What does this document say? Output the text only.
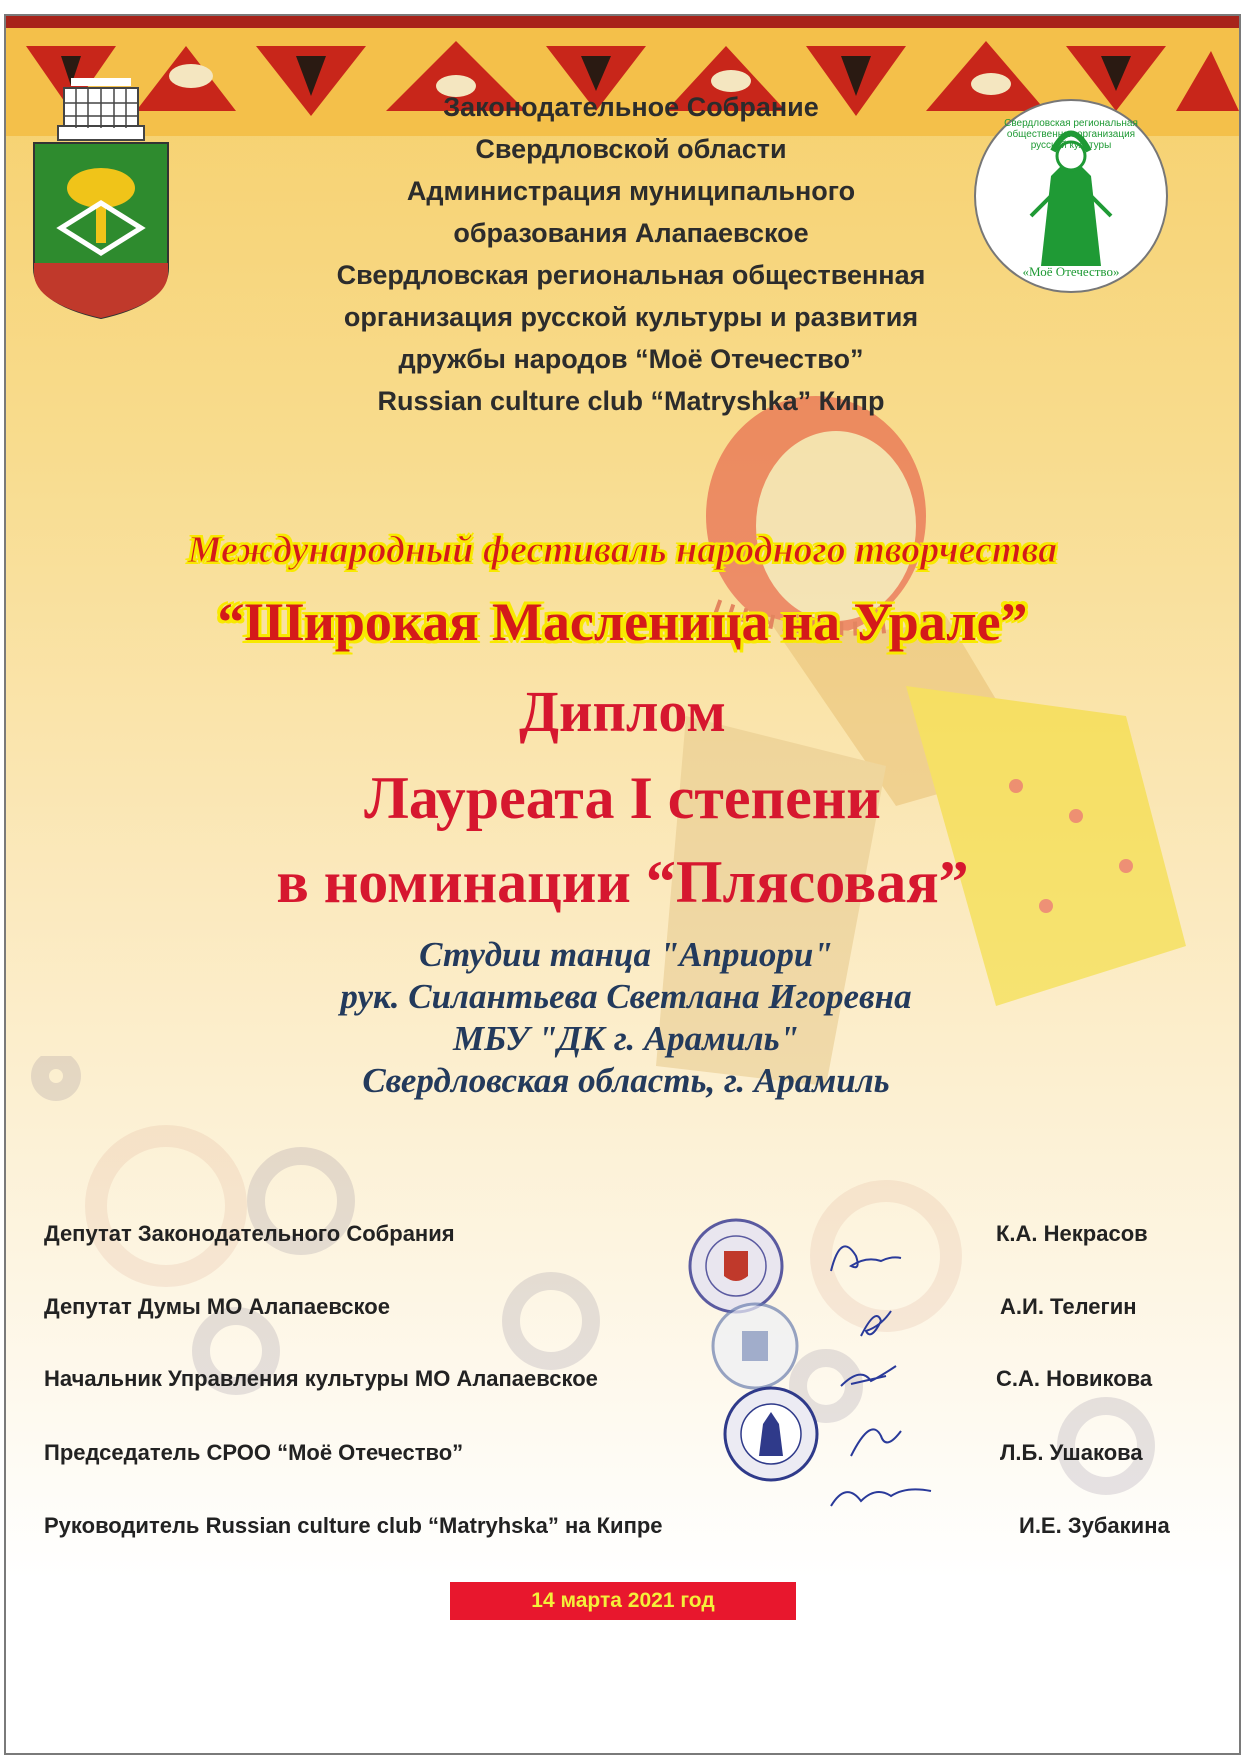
Свердловская региональная общественная организация русской культуры
«Моё Отечество»
Законодательное Собрание
Свердловской области
Администрация муниципального
образования Алапаевское
Свердловская региональная общественная
организация русской культуры и развития
дружбы народов “Моё Отечество”
Russian culture club “Matryshka” Кипр
Международный фестиваль народного творчества
“Широкая Масленица на Урале”
Диплом
Лауреата I степени
в номинации “Плясовая”
Студии танца "Априори"
рук. Силантьева Светлана Игоревна
МБУ "ДК г. Арамиль"
Свердловская область, г. Арамиль
Депутат Законодательного Собрания	К.А. Некрасов
Депутат Думы МО Алапаевское	А.И. Телегин
Начальник Управления культуры МО Алапаевское	С.А. Новикова
Председатель СРОО “Моё Отечество”	Л.Б. Ушакова
Руководитель Russian culture club “Matryhska” на Кипре	И.Е. Зубакина
14 марта 2021 год
